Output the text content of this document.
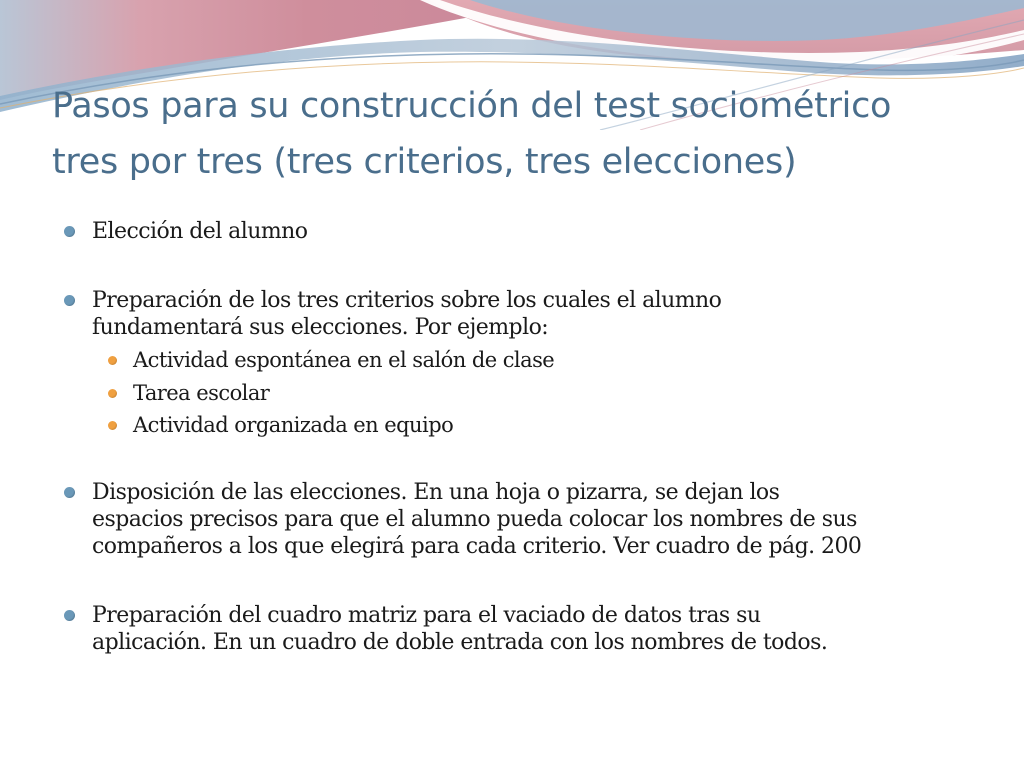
Pasos para su construcción del test sociométrico
tres por tres (tres criterios, tres elecciones)

Elección del alumno

Preparación de los tres criterios sobre los cuales el alumno
fundamentará sus elecciones. Por ejemplo:

Actividad espontánea en el salón de clase

Tarea escolar

Actividad organizada en equipo

Disposición de las elecciones. En una hoja o pizarra, se dejan los
espacios precisos para que el alumno pueda colocar los nombres de sus
compañeros a los que elegirá para cada criterio. Ver cuadro de pág. 200

Preparación del cuadro matriz para el vaciado de datos tras su
aplicación. En un cuadro de doble entrada con los nombres de todos.
